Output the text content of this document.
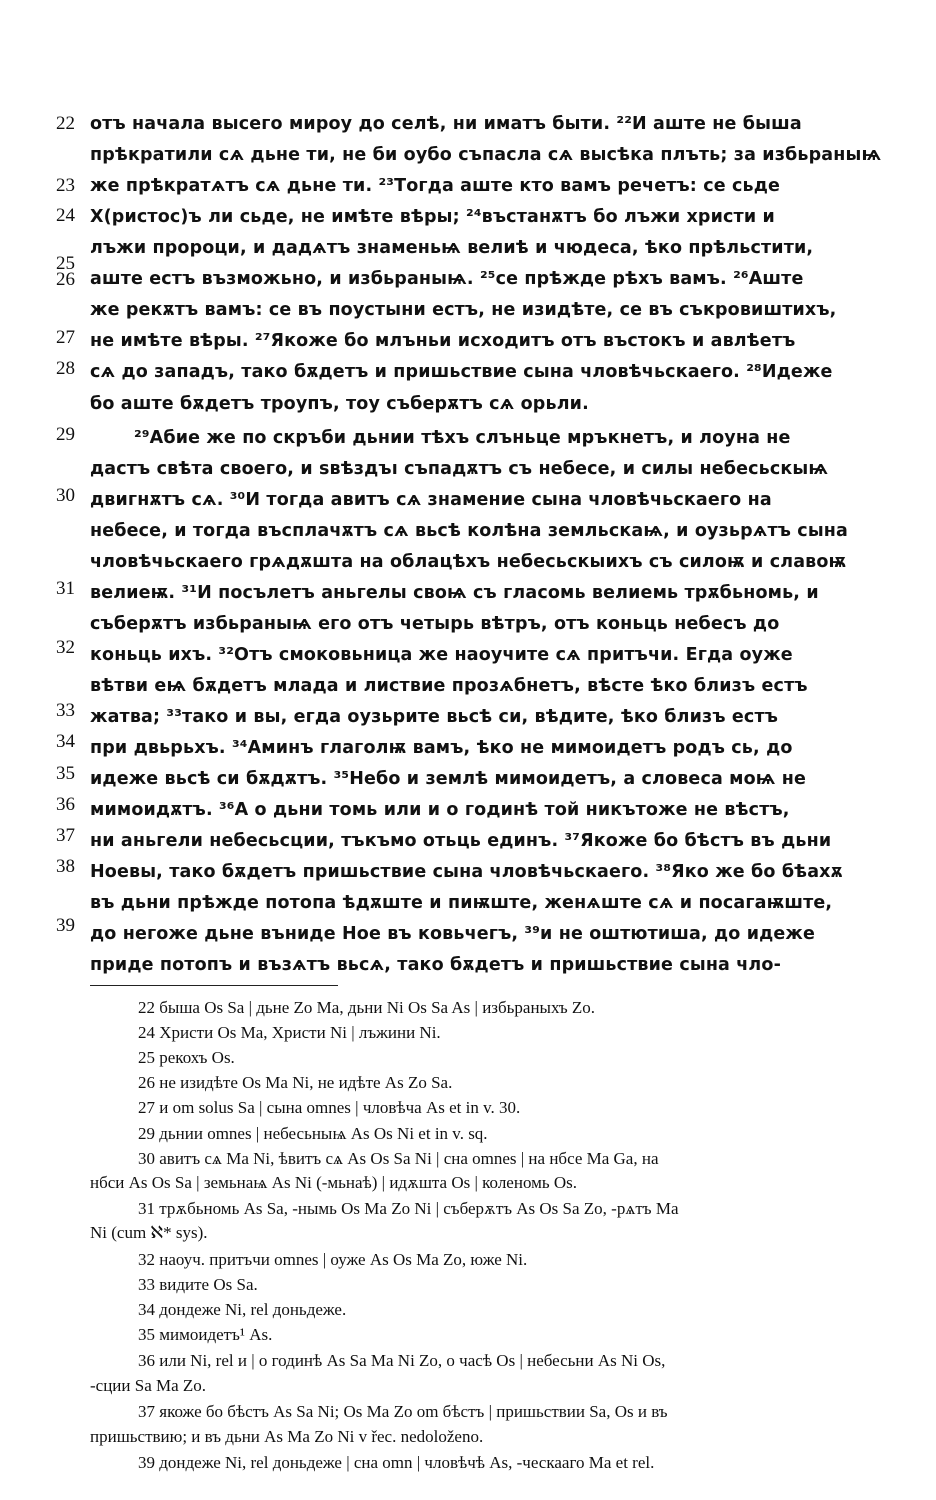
22
23
24
25
26
27
28
29
30
31
32
33
34
35
36
37
38
39
отъ начала высего мироу до селѣ, ни иматъ быти. ²²И аште не быша
прѣкратили сѧ дьнe ти, не би оубо съпасла сѧ высѣка плъть; за избьраныѩ
же прѣкратѧтъ сѧ дьне ти. ²³Тогда аште кто вамъ речетъ: се сьде
Х(ристос)ъ ли сьде, не имѣте вѣры; ²⁴въстанѫтъ бо лъжи христи и
лъжи пророци, и дадѧтъ знаменьѩ велиѣ и чюдеса, ѣко прѣльстити,
аште естъ възможьно, и избьраныѩ. ²⁵се прѣжде рѣхъ вамъ. ²⁶Аште
же рекѫтъ вамъ: се въ поустыни естъ, не изидѣте, се въ съкровиштихъ,
не имѣте вѣры. ²⁷Якоже бо млъньи исходитъ отъ въстокъ и авлѣетъ
сѧ до западъ, тако бѫдетъ и пришьствие сына чловѣчьскаего. ²⁸Идеже
бо аште бѫдетъ троупъ, тоу съберѫтъ сѧ орьли.
²⁹Абие же по скръби дьнии тѣхъ слъньце мръкнетъ, и лоуна не
дастъ свѣта своего, и ѕвѣздъı съпадѫтъ съ небесе, и силы небесьскыѩ
двигнѫтъ сѧ. ³⁰И тогда авитъ сѧ знамение сына чловѣчьскаего на
небесе, и тогда въсплачѫтъ сѧ вьсѣ колѣна земльскаѩ, и оузьрѧтъ сына
чловѣчьскаего грѧдѫшта на облацѣхъ небесьскыихъ съ силоѭ и славоѭ
велиеѭ. ³¹И посълетъ аньгелы своѩ съ гласомь велиемь трѫбьномь, и
съберѫтъ избьраныѩ его отъ четырь вѣтръ, отъ коньць небесъ до
коньць ихъ. ³²Отъ смоковьница же наоучите сѧ притъчи. Егда оуже
вѣтви еѩ бѫдетъ млада и листвие прозѧбнетъ, вѣсте ѣко близъ естъ
жатва; ³³тако и вы, егда оузьрите вьсѣ си, вѣдите, ѣко близъ естъ
при двьрьхъ. ³⁴Аминъ глаголѭ вамъ, ѣко не мимоидетъ родъ сь, до
идеже вьсѣ си бѫдѫтъ. ³⁵Небо и землѣ мимоидетъ, а словеса моѩ не
мимоидѫтъ. ³⁶А о дьни томь или и о годинѣ той никътоже не вѣстъ,
ни аньгели небесьсции, тъкъмо отьць единъ. ³⁷Якоже бо бѣстъ въ дьни
Ноевы, тако бѫдетъ пришьствие сына чловѣчьскаего. ³⁸Яко же бо бѣахѫ
въ дьни прѣжде потопа ѣдѫште и пиѭште, женѧште сѧ и посагаѭште,
до негоже дьне вънидe Ное въ ковьчегъ, ³⁹и не оштютиша, до идеже
приде потопъ и възѧтъ вьсѧ, тако бѫдетъ и пришьствие сына чло-
22 быша Os Sa | дьне Zo Ma, дьни Ni Os Sa As | избьраныхъ Zo.
24 Христи Os Ma, Христи Ni | лъжини Ni.
25 рекохъ Os.
26 не изидѣте Os Ma Ni, не идѣте As Zo Sa.
27 и om solus Sa | сына omnes | чловѣча As et in v. 30.
29 дьнии omnes | небесьныѩ As Os Ni et in v. sq.
30 авитъ сѧ Ma Ni, ѣвитъ сѧ As Os Sa Ni | сна omnes | на нбсе Ma Ga, на
нбси As Os Sa | земьнаѩ As Ni (-мьнаѣ) | идѫшта Os | коленомь Os.
31 трѫбьномь As Sa, -нымь Os Ma Zo Ni | съберѫтъ As Os Sa Zo, -рѧтъ Ma
Ni (cum ℵ* sys).
32 наоуч. притъчи omnes | оуже As Os Ma Zo, юже Ni.
33 видите Os Sa.
34 дондеже Ni, rel доньдеже.
35 мимоидетъ¹ As.
36 или Ni, rel и | о годинѣ As Sa Ma Ni Zo, о часѣ Os | небесьни As Ni Os,
-сции Sa Ma Zo.
37 якоже бо бѣстъ As Sa Ni; Os Ma Zo om бѣстъ | пришьствии Sa, Os и въ
пришьствию; и въ дьни As Ma Zo Ni v řec. nedoloženo.
39 дондеже Ni, rel доньдеже | сна omn | чловѣчѣ As, -ческааго Ma et rel.
